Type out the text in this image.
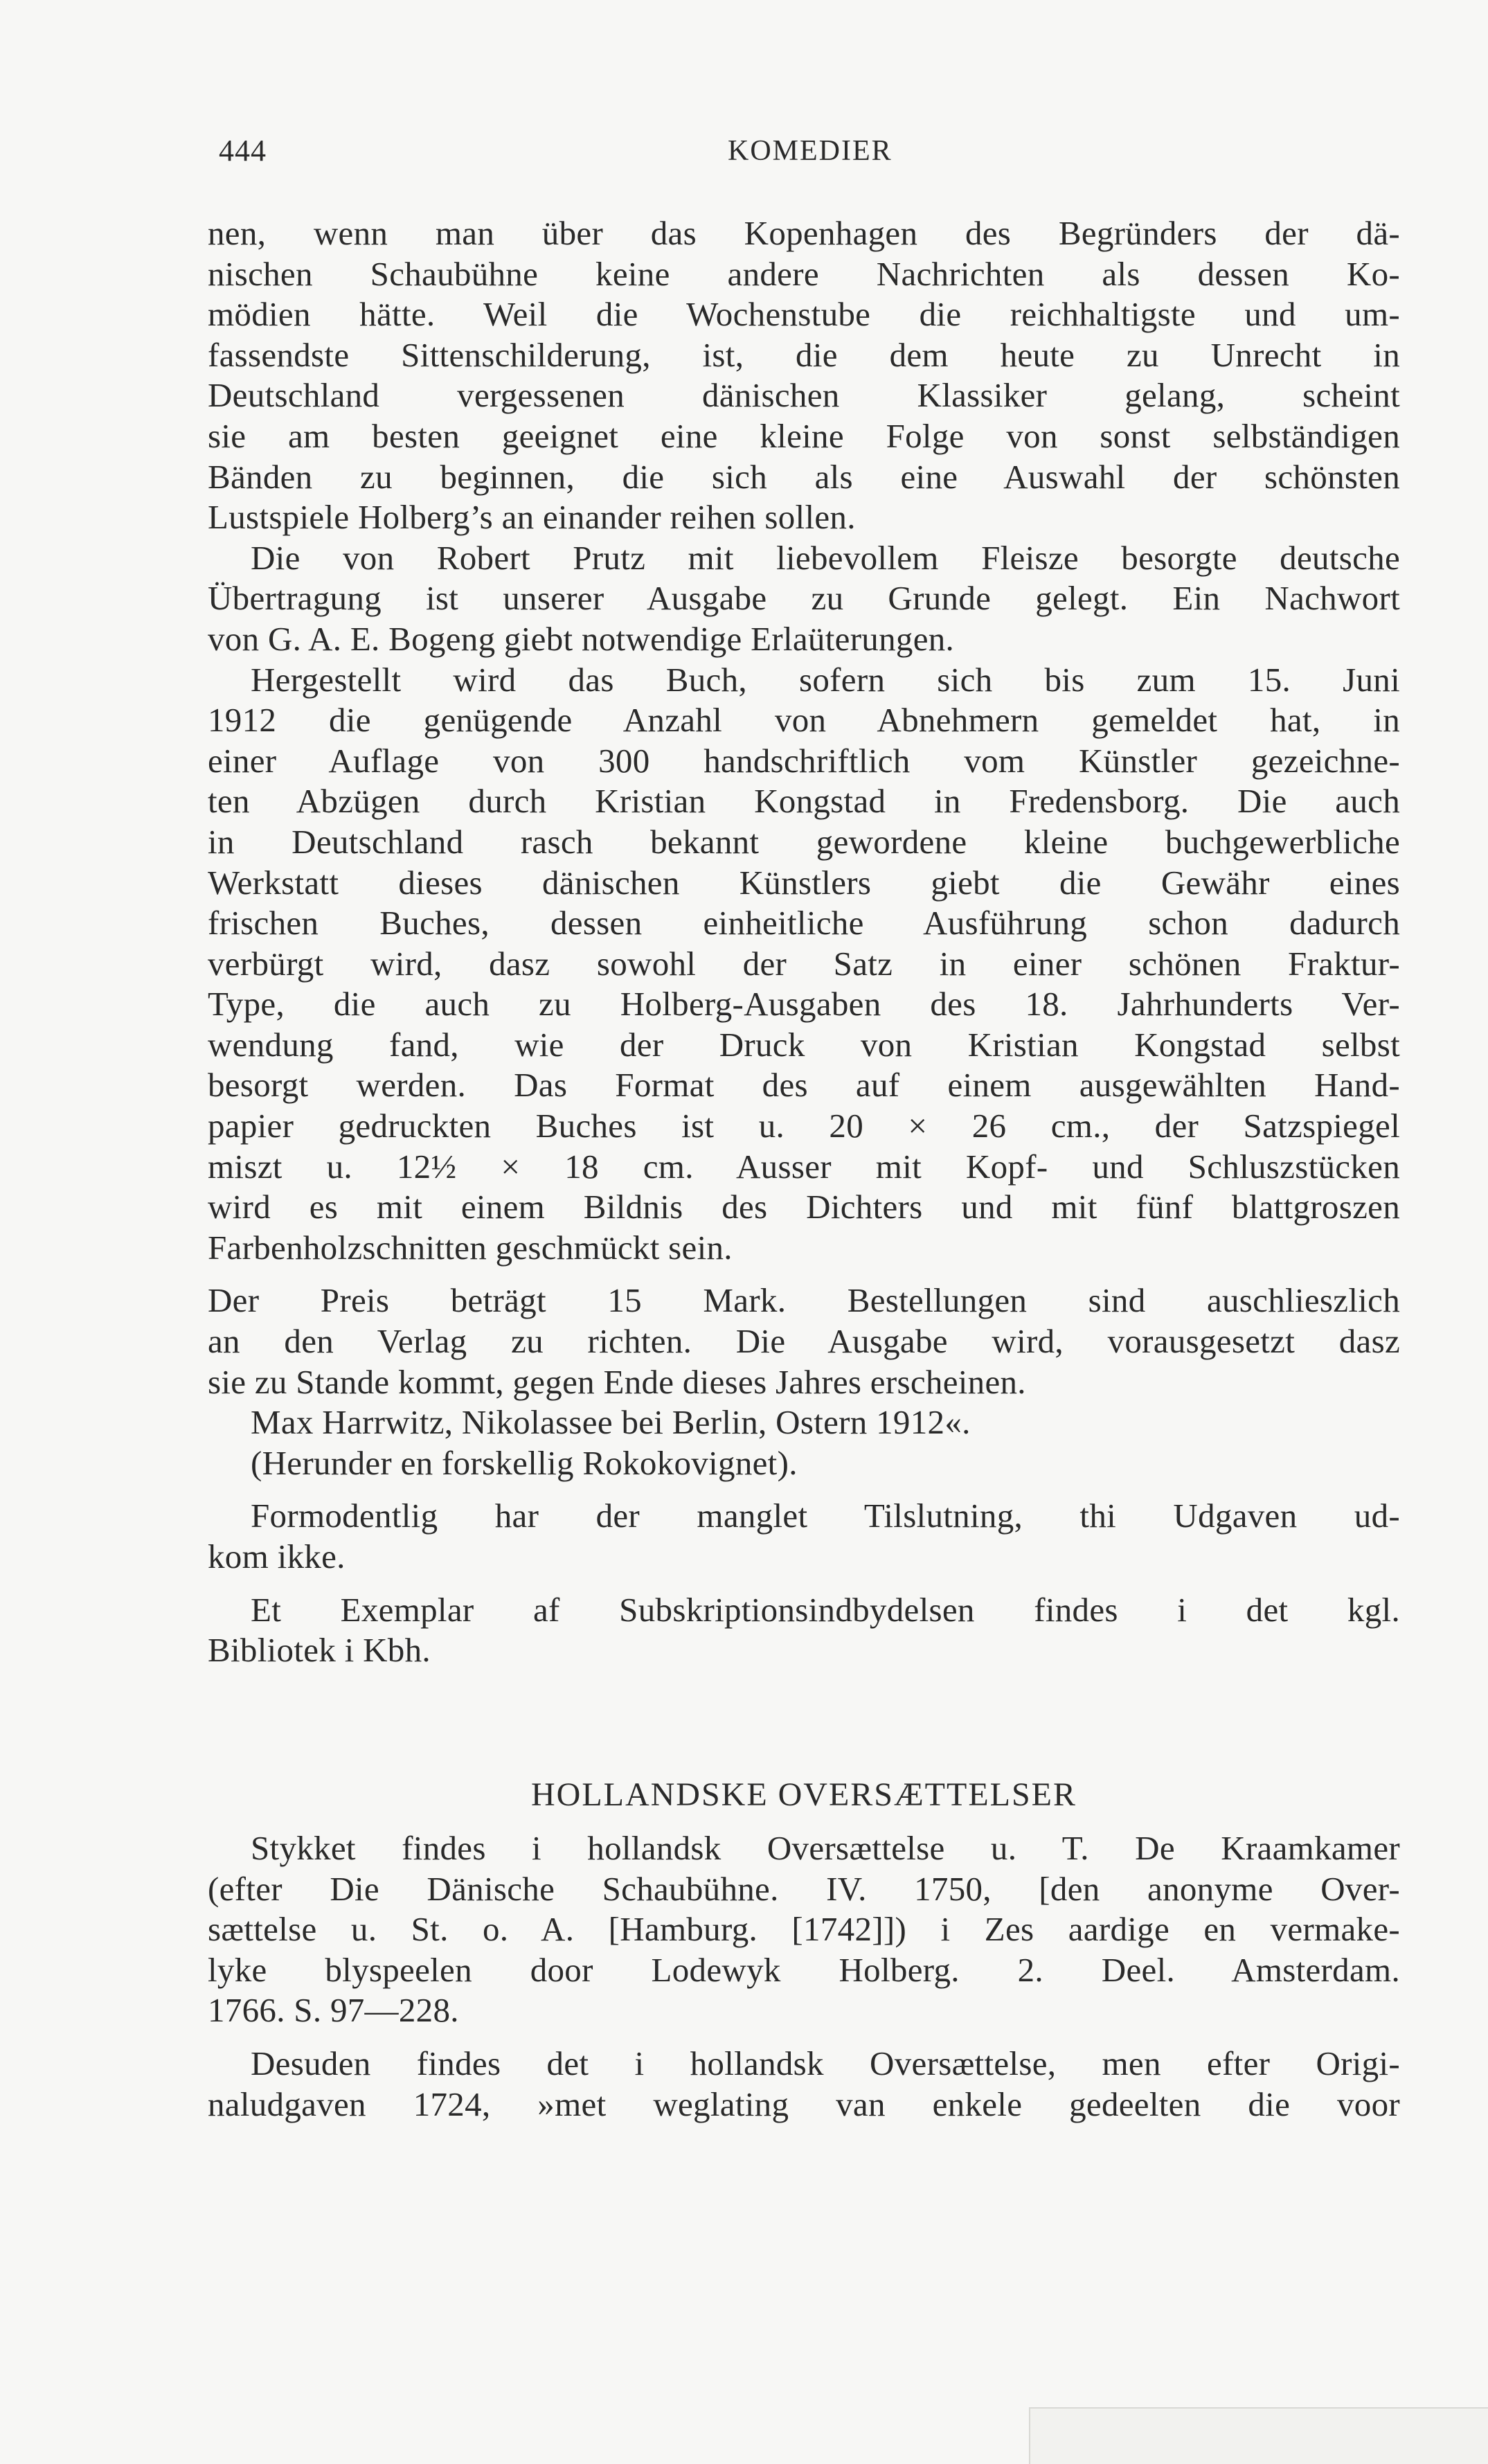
444	KOMEDIER
nen, wenn man über das Kopenhagen des Begründers der dä-
nischen Schaubühne keine andere Nachrichten als dessen Ko-
mödien hätte. Weil die Wochenstube die reichhaltigste und um-
fassendste Sittenschilderung, ist, die dem heute zu Unrecht in
Deutschland vergessenen dänischen Klassiker gelang, scheint
sie am besten geeignet eine kleine Folge von sonst selbständigen
Bänden zu beginnen, die sich als eine Auswahl der schönsten
Lustspiele Holberg’s an einander reihen sollen.
Die von Robert Prutz mit liebevollem Fleisze besorgte deutsche
Übertragung ist unserer Ausgabe zu Grunde gelegt. Ein Nachwort
von G. A. E. Bogeng giebt notwendige Erlaüterungen.
Hergestellt wird das Buch, sofern sich bis zum 15. Juni
1912 die genügende Anzahl von Abnehmern gemeldet hat, in
einer Auflage von 300 handschriftlich vom Künstler gezeichne-
ten Abzügen durch Kristian Kongstad in Fredensborg. Die auch
in Deutschland rasch bekannt gewordene kleine buchgewerbliche
Werkstatt dieses dänischen Künstlers giebt die Gewähr eines
frischen Buches, dessen einheitliche Ausführung schon dadurch
verbürgt wird, dasz sowohl der Satz in einer schönen Fraktur-
Type, die auch zu Holberg-Ausgaben des 18. Jahrhunderts Ver-
wendung fand, wie der Druck von Kristian Kongstad selbst
besorgt werden. Das Format des auf einem ausgewählten Hand-
papier gedruckten Buches ist u. 20 × 26 cm., der Satzspiegel
miszt u. 12½ × 18 cm. Ausser mit Kopf- und Schluszstücken
wird es mit einem Bildnis des Dichters und mit fünf blattgroszen
Farbenholzschnitten geschmückt sein.
Der Preis beträgt 15 Mark. Bestellungen sind auschlieszlich
an den Verlag zu richten. Die Ausgabe wird, vorausgesetzt dasz
sie zu Stande kommt, gegen Ende dieses Jahres erscheinen.
Max Harrwitz, Nikolassee bei Berlin, Ostern 1912«.
(Herunder en forskellig Rokokovignet).
Formodentlig har der manglet Tilslutning, thi Udgaven ud-
kom ikke.
Et Exemplar af Subskriptionsindbydelsen findes i det kgl.
Bibliotek i Kbh.
HOLLANDSKE OVERSÆTTELSER
Stykket findes i hollandsk Oversættelse u. T. De Kraamkamer
(efter Die Dänische Schaubühne. IV. 1750, [den anonyme Over-
sættelse u. St. o. A. [Hamburg. [1742]]) i Zes aardige en vermake-
lyke blyspeelen door Lodewyk Holberg. 2. Deel. Amsterdam.
1766. S. 97—228.
Desuden findes det i hollandsk Oversættelse, men efter Origi-
naludgaven 1724, »met weglating van enkele gedeelten die voor
